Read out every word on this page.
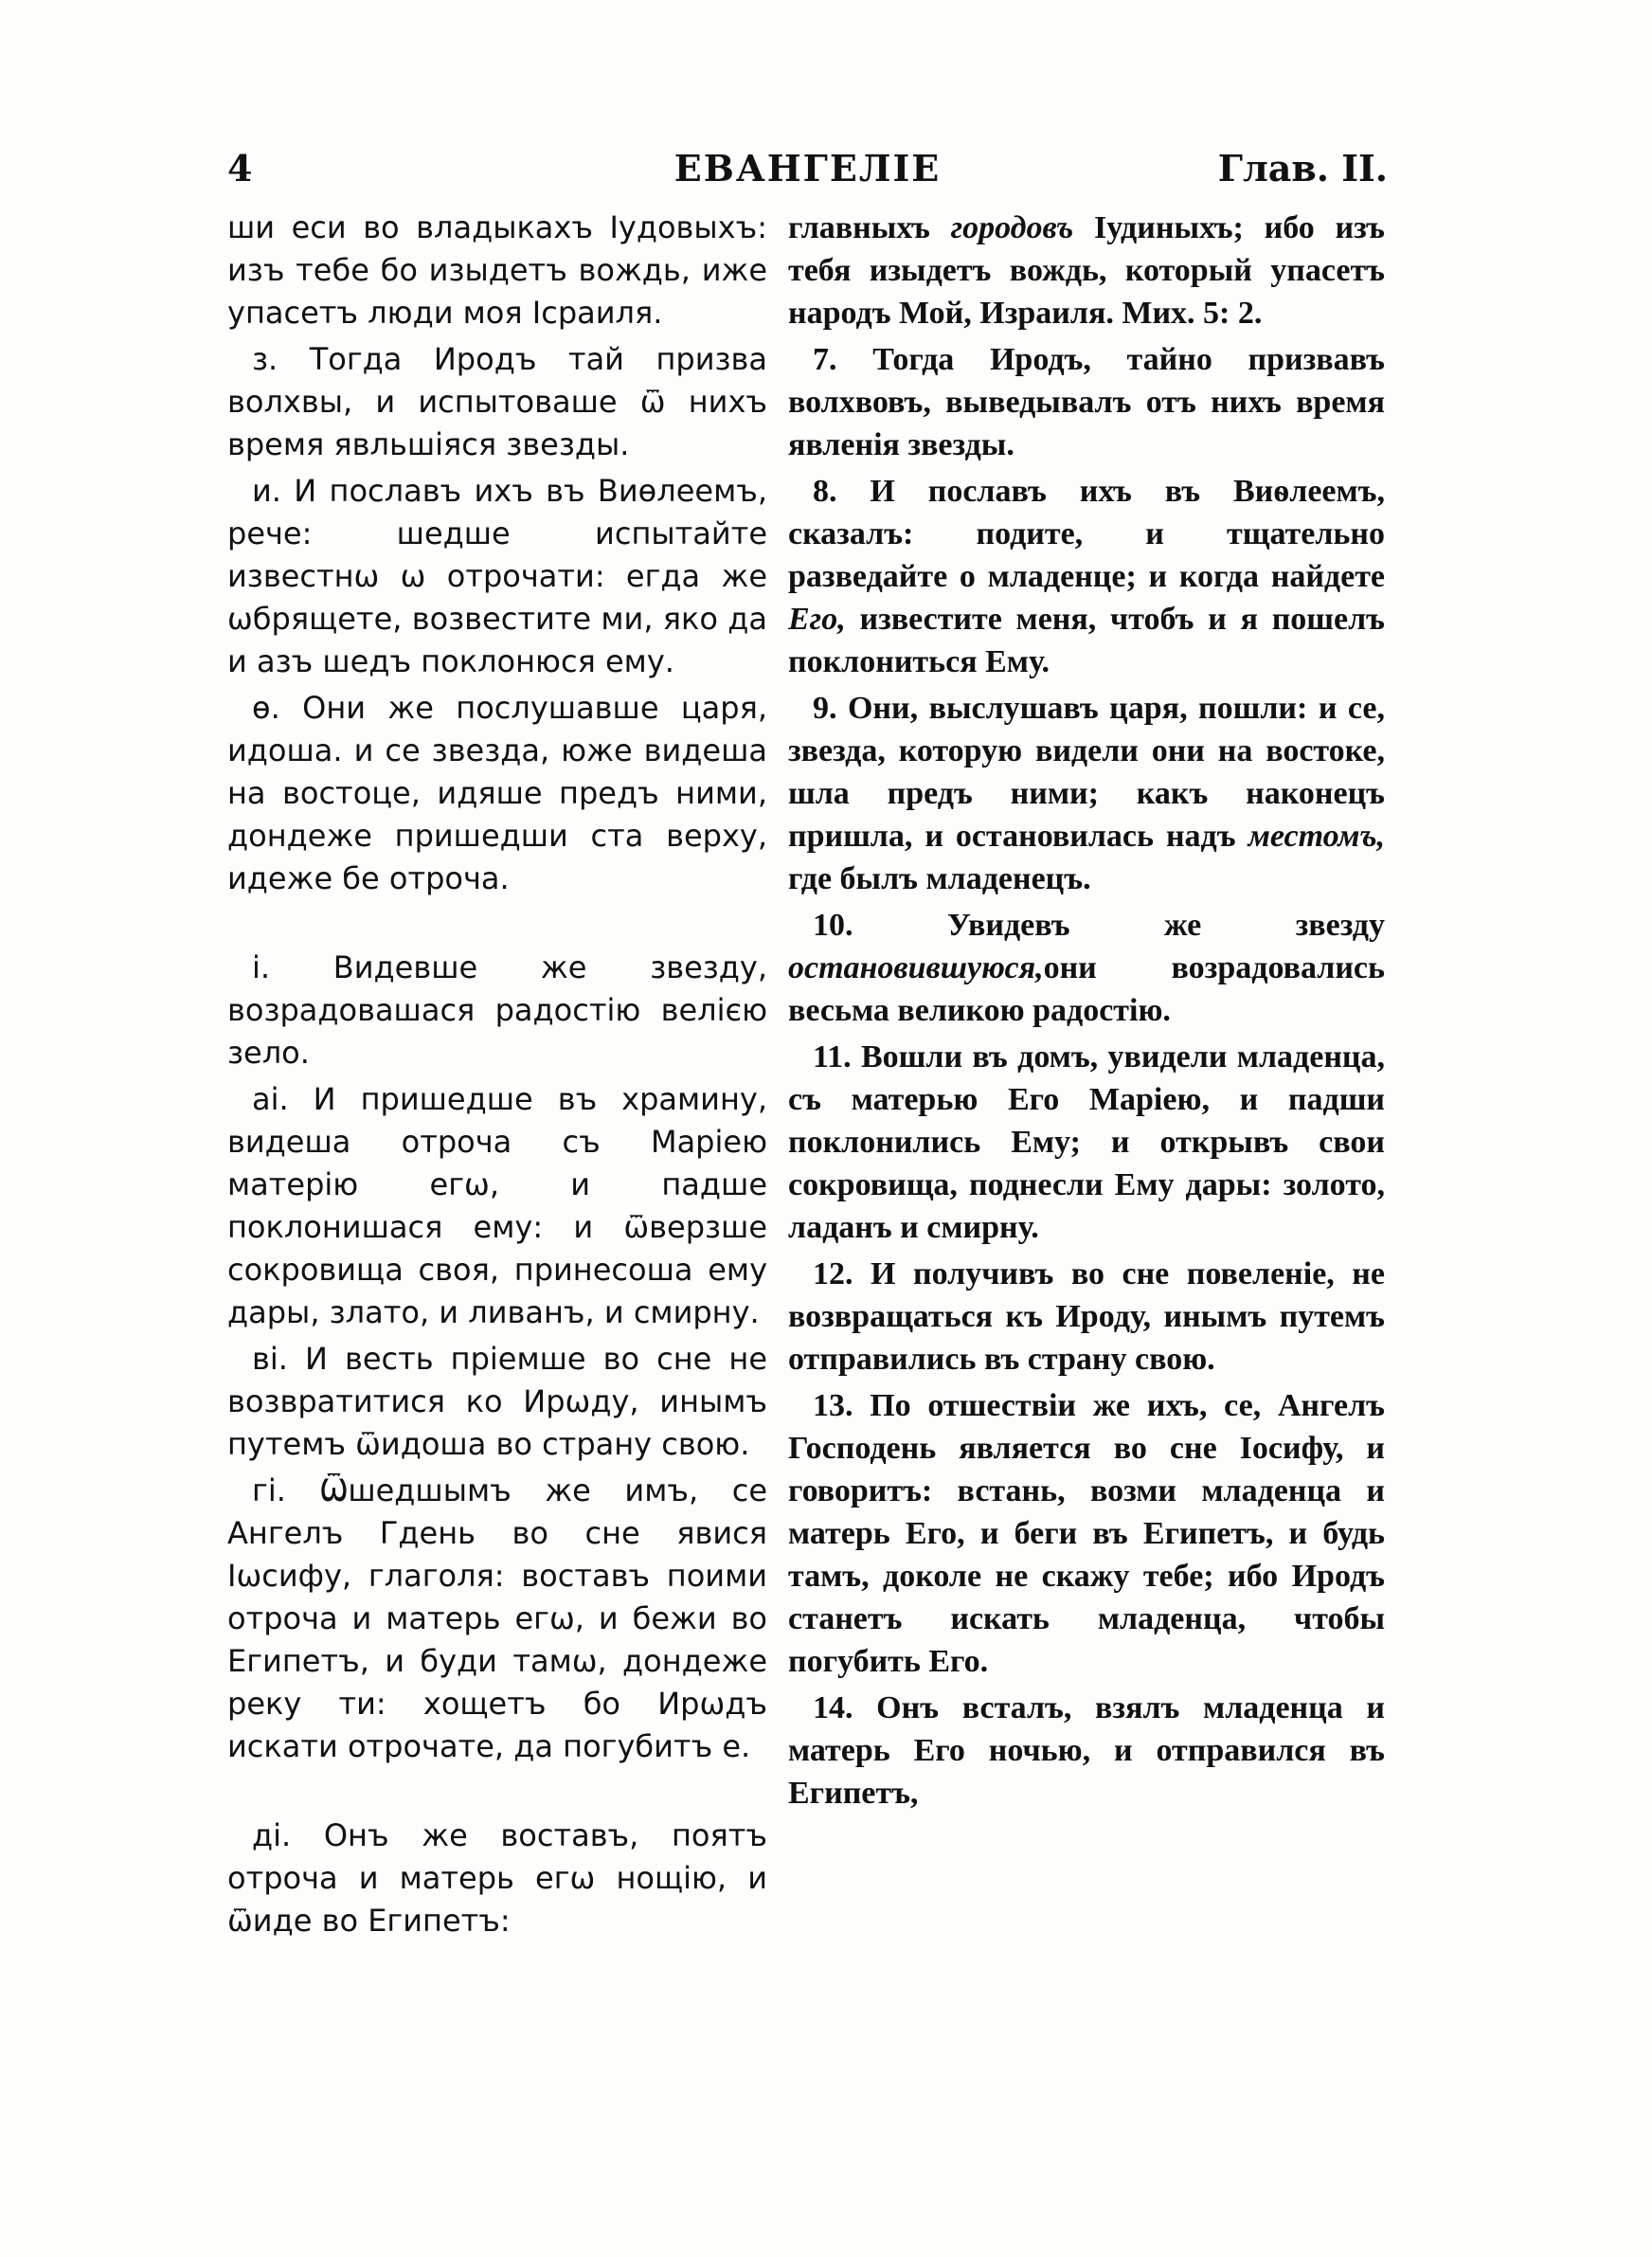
4	ЕВАНГЕЛІЕ	Глав. II.

ши еси во владыкахъ Іудовыхъ: изъ тебе бо изыдетъ вождь, иже упасетъ люди моя Ісраиля.

з. Тогда Иродъ тай призва волхвы, и испытоваше ѿ нихъ время явльшіяся звезды.

и. И пославъ ихъ въ Виѳлеемъ, рече: шедше испытайте известнѡ ѡ отрочати: егда же ѡбрящете, возвестите ми, яко да и азъ шедъ поклонюся ему.

ѳ. Они же послушавше царя, идоша. и се звезда, юже видеша на востоце, идяше предъ ними, дондеже пришедши ста верху, идеже бе отроча.

і. Видевше же звезду, возрадовашася радостію велією зело.

аі. И пришедше въ храмину, видеша отроча съ Маріею матерію егѡ, и падше поклонишася ему: и ѿверзше сокровища своя, принесоша ему дары, злато, и ливанъ, и смирну.

ві. И весть пріемше во сне не возвратитися ко Ирѡду, инымъ путемъ ѿидоша во страну свою.

гі. Ѿшедшымъ же имъ, се Ангелъ Гдень во сне явися Іѡсифу, глаголя: воставъ поими отроча и матерь егѡ, и бежи во Египетъ, и буди тамѡ, дондеже реку ти: хощетъ бо Ирѡдъ искати отрочате, да погубитъ е.

ді. Онъ же воставъ, поятъ отроча и матерь егѡ нощію, и ѿиде во Египетъ:

главныхъ городовъ Іудиныхъ; ибо изъ тебя изыдетъ вождь, который упасетъ народъ Мой, Израиля. Мих. 5: 2.

7. Тогда Иродъ, тайно призвавъ волхвовъ, выведывалъ отъ нихъ время явленія звезды.

8. И пославъ ихъ въ Виѳлеемъ, сказалъ: подите, и тщательно разведайте о младенце; и когда найдете Его, известите меня, чтобъ и я пошелъ поклониться Ему.

9. Они, выслушавъ царя, пошли: и се, звезда, которую видели они на востоке, шла предъ ними; какъ наконецъ пришла, и остановилась надъ местомъ, где былъ младенецъ.

10. Увидевъ же звезду остановившуюся,они возрадовались весьма великою радостію.

11. Вошли въ домъ, увидели младенца, съ матерью Его Маріею, и падши поклонились Ему; и открывъ свои сокровища, поднесли Ему дары: золото, ладанъ и смирну.

12. И получивъ во сне повеленіе, не возвращаться къ Ироду, инымъ путемъ отправились въ страну свою.

13. По отшествіи же ихъ, се, Ангелъ Господень является во сне Іосифу, и говоритъ: встань, возми младенца и матерь Его, и беги въ Египетъ, и будь тамъ, доколе не скажу тебе; ибо Иродъ станетъ искать младенца, чтобы погубить Его.

14. Онъ всталъ, взялъ младенца и матерь Его ночью, и отправился въ Египетъ,
